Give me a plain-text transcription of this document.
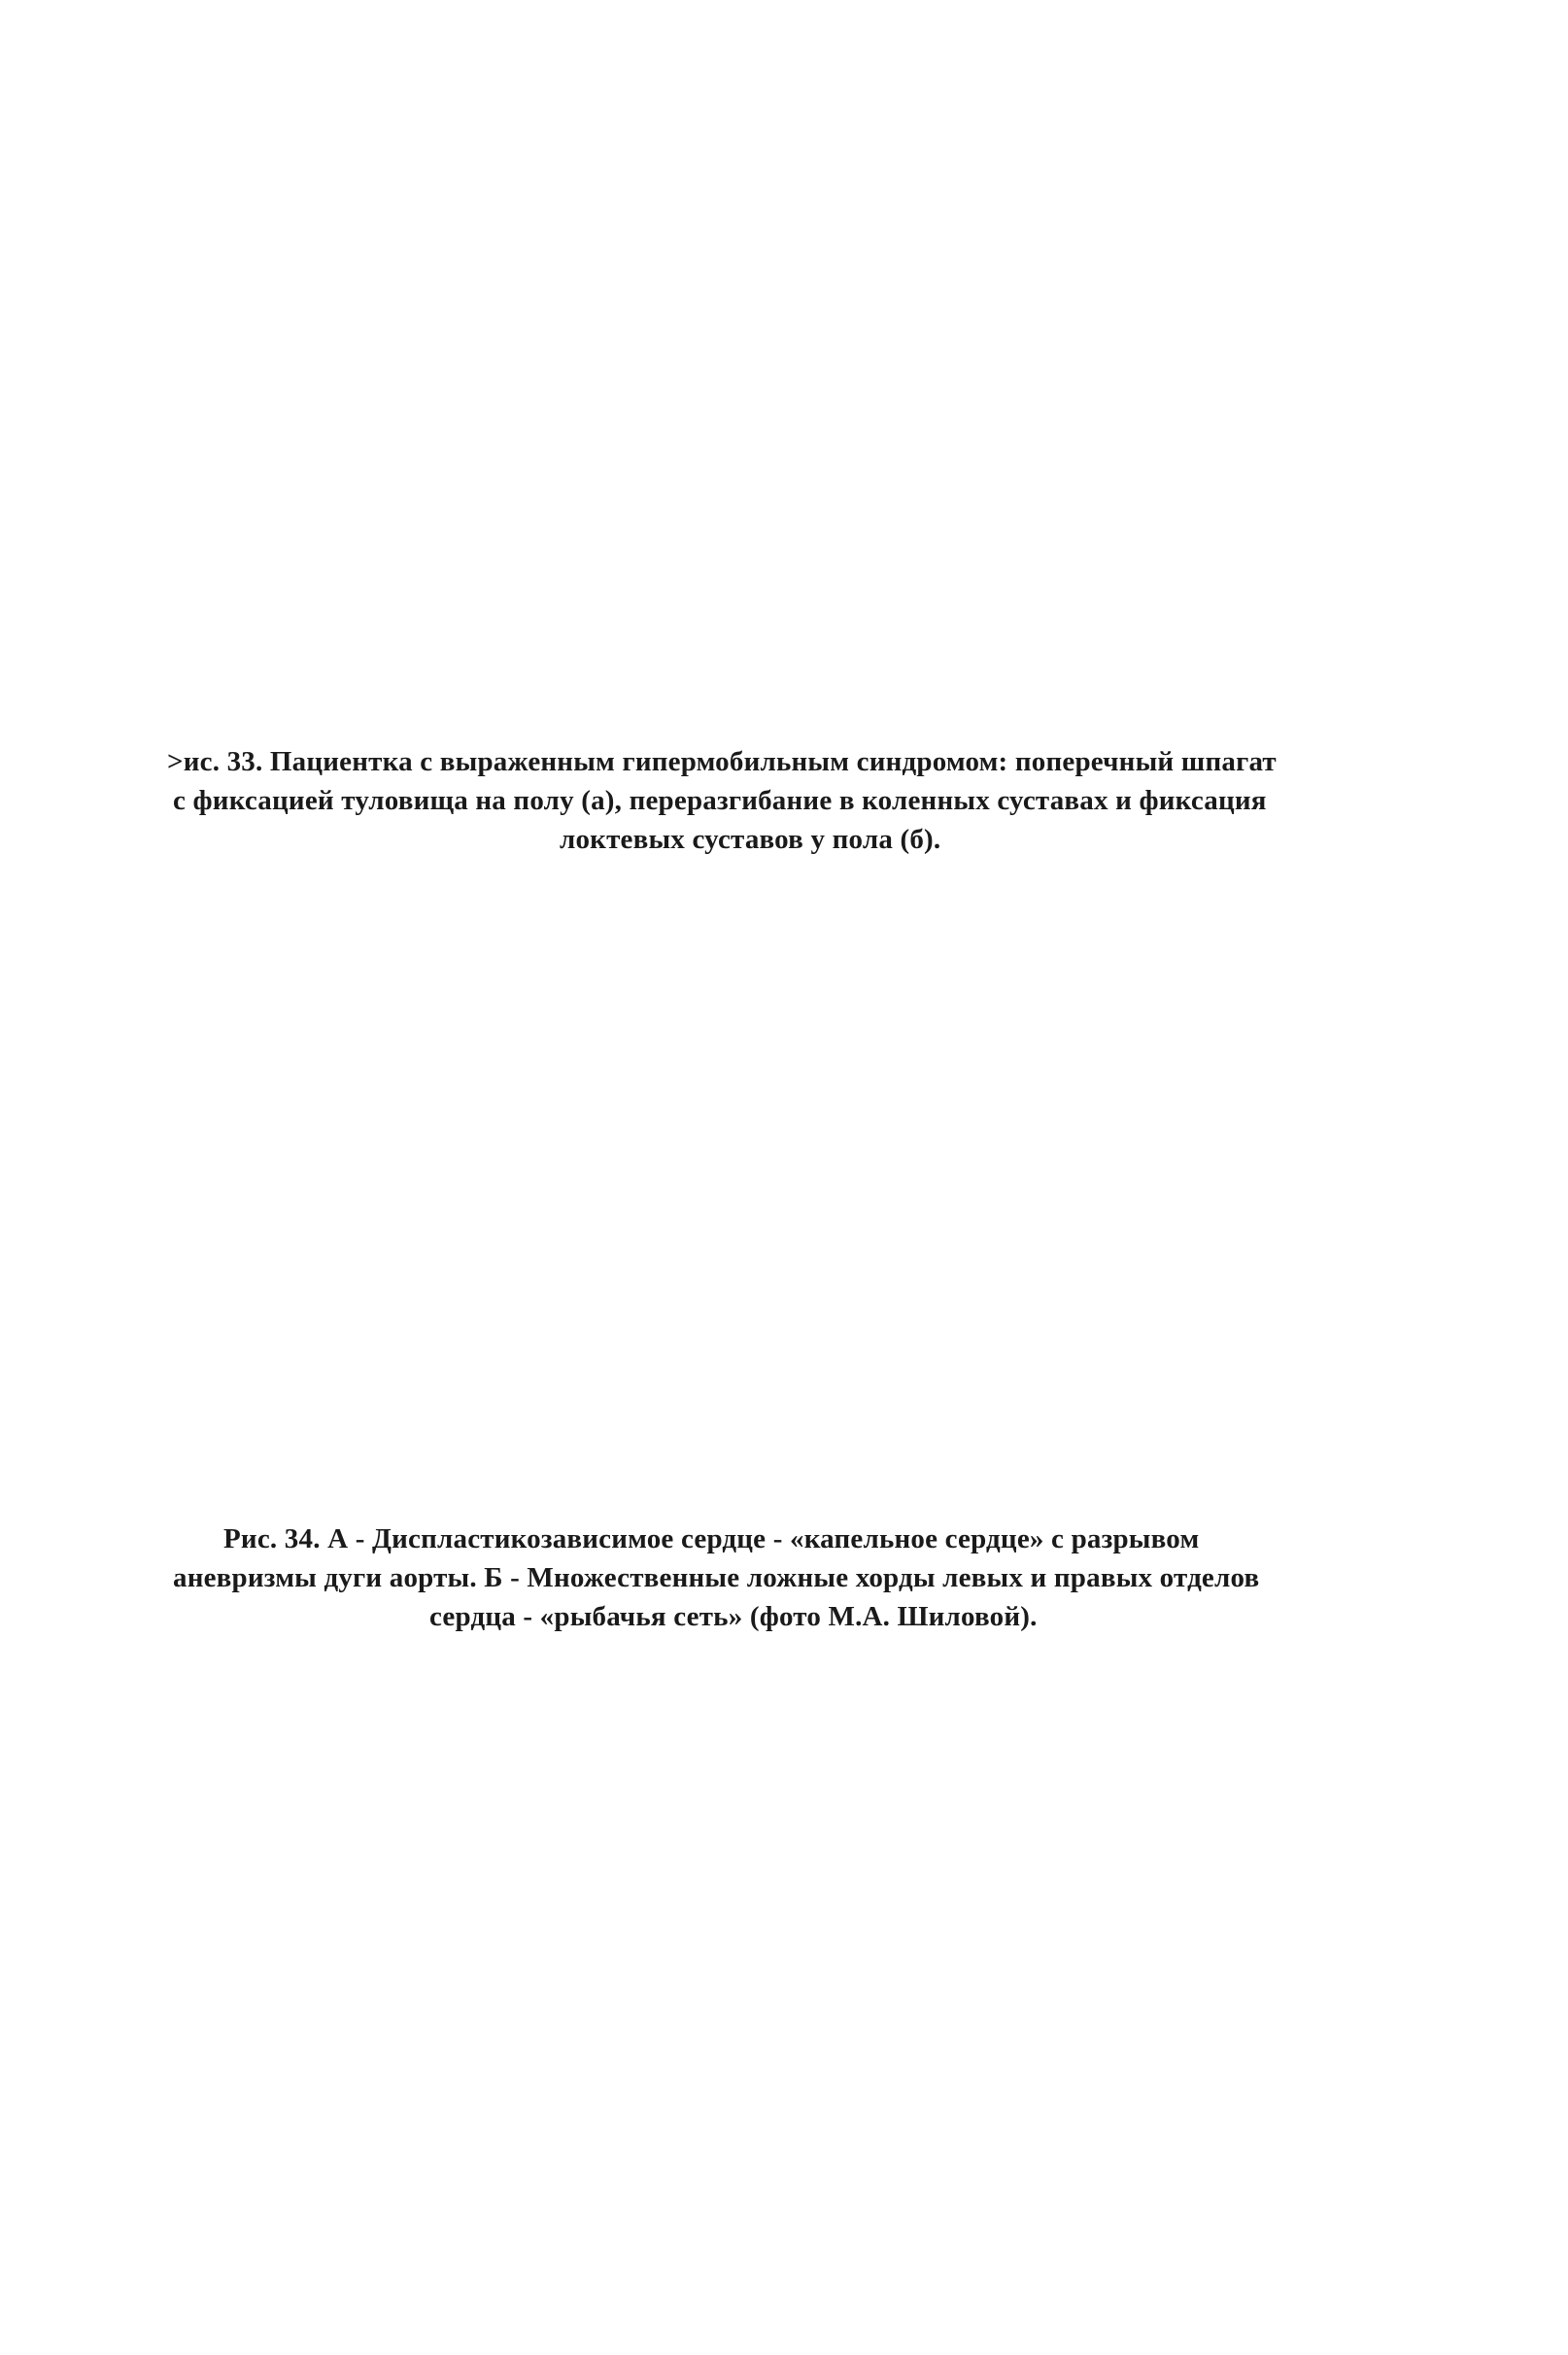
>ис. 33. Пациентка с выраженным гипермобильным синдромом: поперечный шпагат
с фиксацией туловища на полу (а), переразгибание в коленных суставах и фиксация
локтевых суставов у пола (б).
Рис. 34. А - Диспластикозависимое сердце - «капельное сердце» с разрывом
аневризмы дуги аорты. Б - Множественные ложные хорды левых и правых отделов
сердца - «рыбачья сеть» (фото М.А. Шиловой).
